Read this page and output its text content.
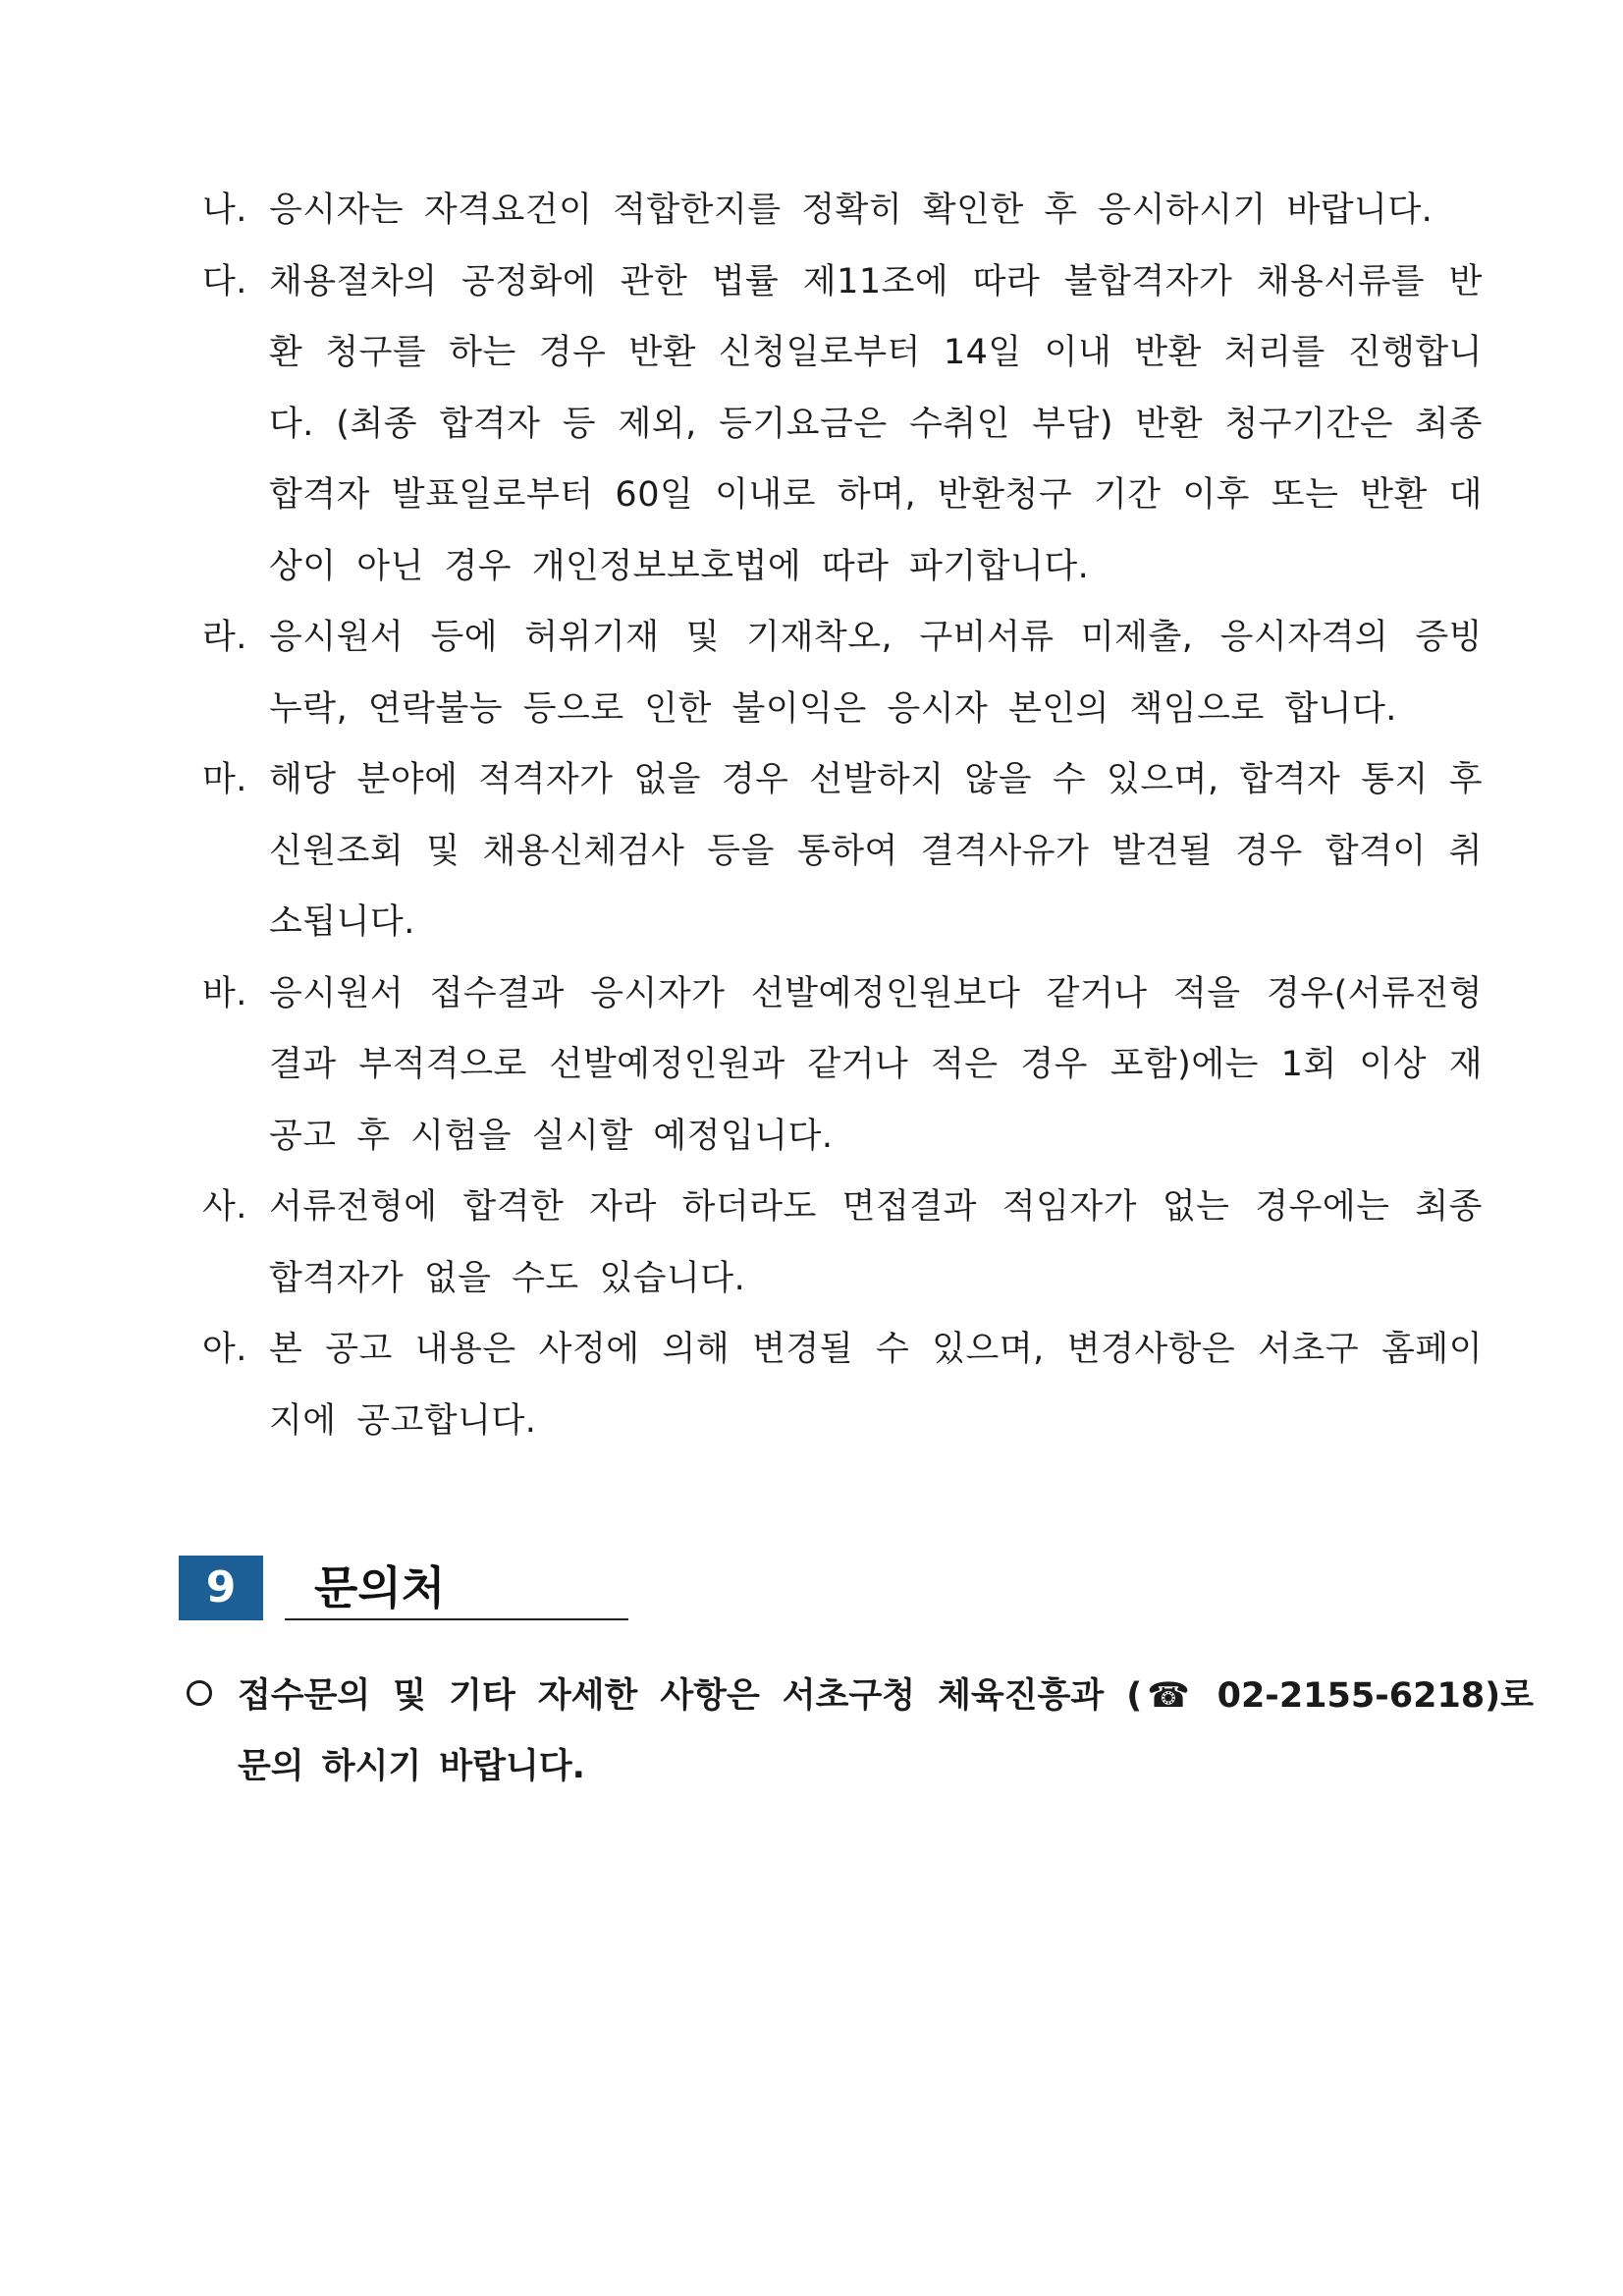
나. 응시자는 자격요건이 적합한지를 정확히 확인한 후 응시하시기 바랍니다.
다. 채용절차의 공정화에 관한 법률 제11조에 따라 불합격자가 채용서류를 반환 청구를 하는 경우 반환 신청일로부터 14일 이내 반환 처리를 진행합니다. (최종 합격자 등 제외, 등기요금은 수취인 부담) 반환 청구기간은 최종 합격자 발표일로부터 60일 이내로 하며, 반환청구 기간 이후 또는 반환 대상이 아닌 경우 개인정보보호법에 따라 파기합니다.
라. 응시원서 등에 허위기재 및 기재착오, 구비서류 미제출, 응시자격의 증빙 누락, 연락불능 등으로 인한 불이익은 응시자 본인의 책임으로 합니다.
마. 해당 분야에 적격자가 없을 경우 선발하지 않을 수 있으며, 합격자 통지 후 신원조회 및 채용신체검사 등을 통하여 결격사유가 발견될 경우 합격이 취소됩니다.
바. 응시원서 접수결과 응시자가 선발예정인원보다 같거나 적을 경우(서류전형 결과 부적격으로 선발예정인원과 같거나 적은 경우 포함)에는 1회 이상 재공고 후 시험을 실시할 예정입니다.
사. 서류전형에 합격한 자라 하더라도 면접결과 적임자가 없는 경우에는 최종 합격자가 없을 수도 있습니다.
아. 본 공고 내용은 사정에 의해 변경될 수 있으며, 변경사항은 서초구 홈페이지에 공고합니다.
9	문의처
접수문의 및 기타 자세한 사항은 서초구청 체육진흥과 (☎ 02-2155-6218)로 문의 하시기 바랍니다.
